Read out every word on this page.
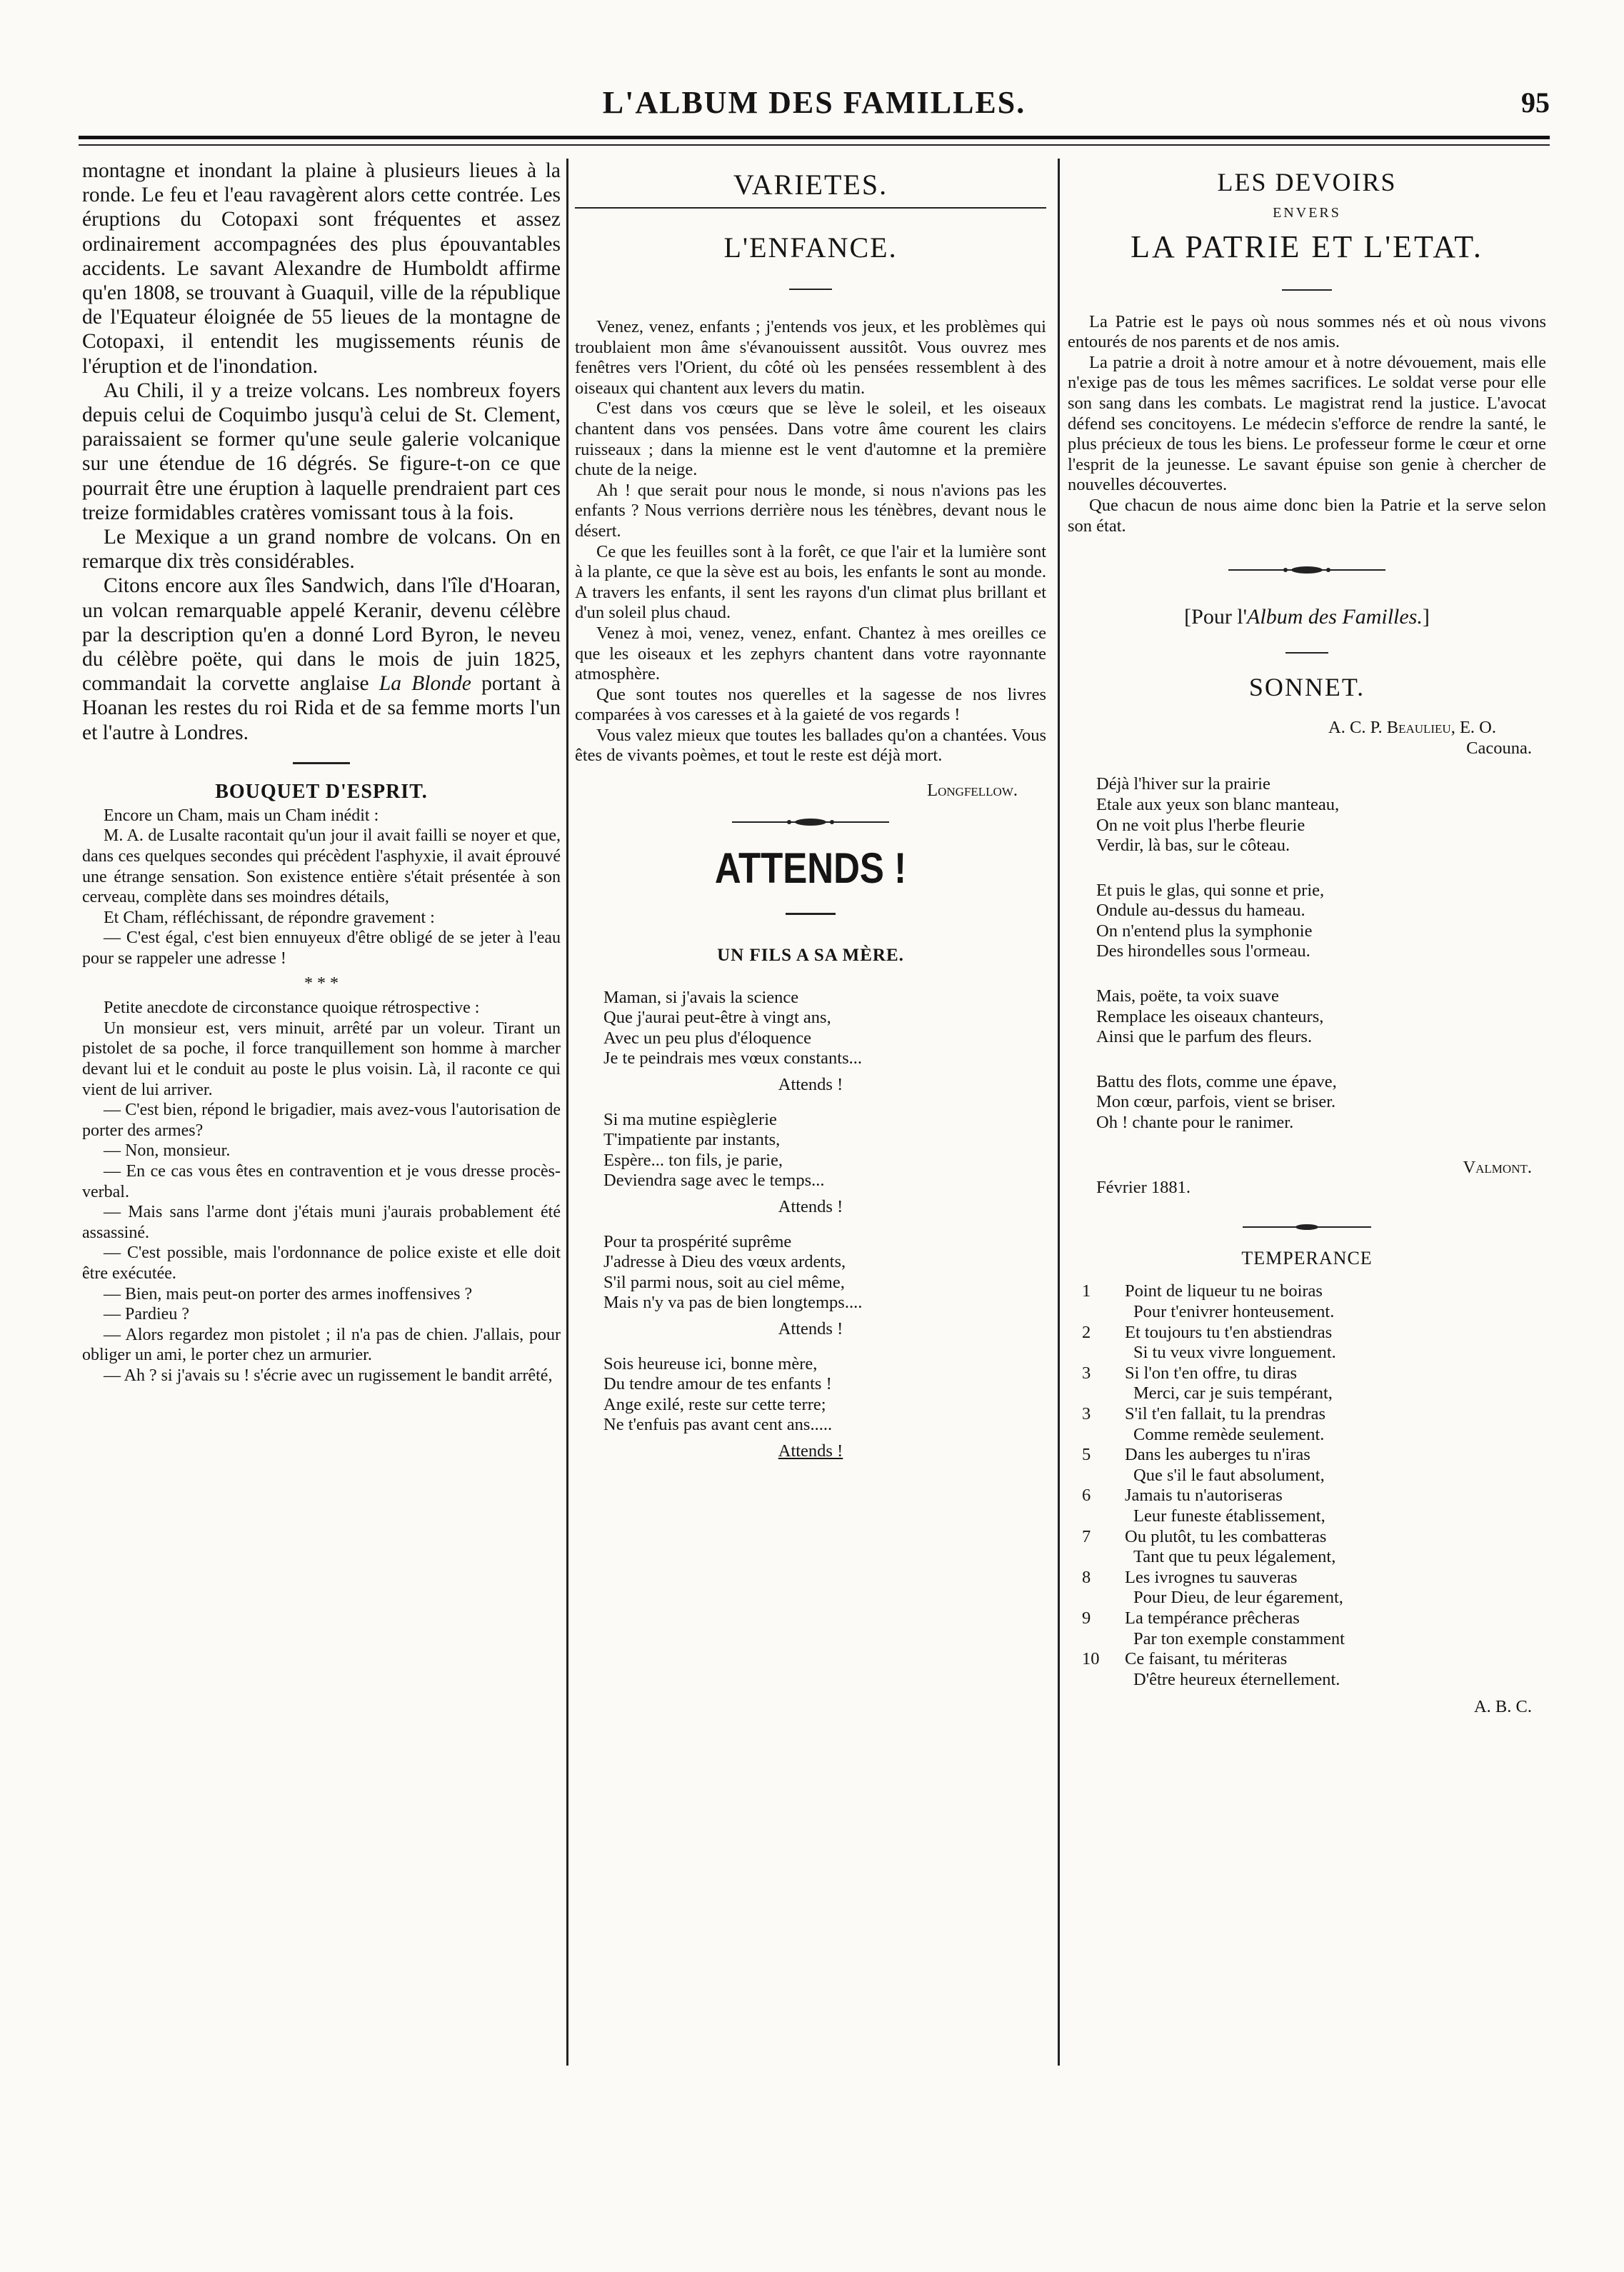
L'ALBUM DES FAMILLES.	95

montagne et inondant la plaine à plusieurs lieues à la ronde. Le feu et l'eau ravagèrent alors cette contrée. Les éruptions du Cotopaxi sont fréquentes et assez ordinairement accompagnées des plus épouvantables accidents. Le savant Alexandre de Humboldt affirme qu'en 1808, se trouvant à Guaquil, ville de la république de l'Equateur éloignée de 55 lieues de la montagne de Cotopaxi, il entendit les mugissements réunis de l'éruption et de l'inondation.

Au Chili, il y a treize volcans. Les nombreux foyers depuis celui de Coquimbo jusqu'à celui de St. Clement, paraissaient se former qu'une seule galerie volcanique sur une étendue de 16 dégrés. Se figure-t-on ce que pourrait être une éruption à laquelle prendraient part ces treize formidables cratères vomissant tous à la fois.

Le Mexique a un grand nombre de volcans. On en remarque dix très considérables.

Citons encore aux îles Sandwich, dans l'île d'Hoaran, un volcan remarquable appelé Keranir, devenu célèbre par la description qu'en a donné Lord Byron, le neveu du célèbre poëte, qui dans le mois de juin 1825, commandait la corvette anglaise La Blonde portant à Hoanan les restes du roi Rida et de sa femme morts l'un et l'autre à Londres.

BOUQUET D'ESPRIT.

Encore un Cham, mais un Cham inédit :

M. A. de Lusalte racontait qu'un jour il avait failli se noyer et que, dans ces quelques secondes qui précèdent l'asphyxie, il avait éprouvé une étrange sensation. Son existence entière s'était présentée à son cerveau, complète dans ses moindres détails,

Et Cham, réfléchissant, de répondre gravement :

— C'est égal, c'est bien ennuyeux d'être obligé de se jeter à l'eau pour se rappeler une adresse !

* * *

Petite anecdote de circonstance quoique rétrospective :

Un monsieur est, vers minuit, arrêté par un voleur. Tirant un pistolet de sa poche, il force tranquillement son homme à marcher devant lui et le conduit au poste le plus voisin. Là, il raconte ce qui vient de lui arriver.

— C'est bien, répond le brigadier, mais avez-vous l'autorisation de porter des armes?

— Non, monsieur.

— En ce cas vous êtes en contravention et je vous dresse procès-verbal.

— Mais sans l'arme dont j'étais muni j'aurais probablement été assassiné.

— C'est possible, mais l'ordonnance de police existe et elle doit être exécutée.

— Bien, mais peut-on porter des armes inoffensives ?

— Pardieu ?

— Alors regardez mon pistolet ; il n'a pas de chien. J'allais, pour obliger un ami, le porter chez un armurier.

— Ah ? si j'avais su ! s'écrie avec un rugissement le bandit arrêté,

VARIETES.
L'ENFANCE.

Venez, venez, enfants ; j'entends vos jeux, et les problèmes qui troublaient mon âme s'évanouissent aussitôt. Vous ouvrez mes fenêtres vers l'Orient, du côté où les pensées ressemblent à des oiseaux qui chantent aux levers du matin.

C'est dans vos cœurs que se lève le soleil, et les oiseaux chantent dans vos pensées. Dans votre âme courent les clairs ruisseaux ; dans la mienne est le vent d'automne et la première chute de la neige.

Ah ! que serait pour nous le monde, si nous n'avions pas les enfants ? Nous verrions derrière nous les ténèbres, devant nous le désert.

Ce que les feuilles sont à la forêt, ce que l'air et la lumière sont à la plante, ce que la sève est au bois, les enfants le sont au monde. A travers les enfants, il sent les rayons d'un climat plus brillant et d'un soleil plus chaud.

Venez à moi, venez, venez, enfant. Chantez à mes oreilles ce que les oiseaux et les zephyrs chantent dans votre rayonnante atmosphère.

Que sont toutes nos querelles et la sagesse de nos livres comparées à vos caresses et à la gaieté de vos regards !

Vous valez mieux que toutes les ballades qu'on a chantées. Vous êtes de vivants poèmes, et tout le reste est déjà mort.

Longfellow.

ATTENDS !
UN FILS A SA MÈRE.

Maman, si j'avais la science

Que j'aurai peut-être à vingt ans,

Avec un peu plus d'éloquence

Je te peindrais mes vœux constants...

Attends !

Si ma mutine espièglerie

T'impatiente par instants,

Espère... ton fils, je parie,

Deviendra sage avec le temps...

Attends !

Pour ta prospérité suprême

J'adresse à Dieu des vœux ardents,

S'il parmi nous, soit au ciel même,

Mais n'y va pas de bien longtemps....

Attends !

Sois heureuse ici, bonne mère,

Du tendre amour de tes enfants !

Ange exilé, reste sur cette terre;

Ne t'enfuis pas avant cent ans.....

Attends !
LES DEVOIRS
ENVERS
LA PATRIE ET L'ETAT.

La Patrie est le pays où nous sommes nés et où nous vivons entourés de nos parents et de nos amis.

La patrie a droit à notre amour et à notre dévouement, mais elle n'exige pas de tous les mêmes sacrifices. Le soldat verse pour elle son sang dans les combats. Le magistrat rend la justice. L'avocat défend ses concitoyens. Le médecin s'efforce de rendre la santé, le plus précieux de tous les biens. Le professeur forme le cœur et orne l'esprit de la jeunesse. Le savant épuise son genie à chercher de nouvelles découvertes.

Que chacun de nous aime donc bien la Patrie et la serve selon son état.

[Pour l'Album des Familles.]

SONNET.

A. C. P. Beaulieu, E. O.

Cacouna.

Déjà l'hiver sur la prairie

Etale aux yeux son blanc manteau,

On ne voit plus l'herbe fleurie

Verdir, là bas, sur le côteau.

Et puis le glas, qui sonne et prie,

Ondule au-dessus du hameau.

On n'entend plus la symphonie

Des hirondelles sous l'ormeau.

Mais, poëte, ta voix suave

Remplace les oiseaux chanteurs,

Ainsi que le parfum des fleurs.

Battu des flots, comme une épave,

Mon cœur, parfois, vient se briser.

Oh ! chante pour le ranimer.

Valmont.

Février 1881.

TEMPERANCE
1	Point de liqueur tu ne boiras
Pour t'enivrer honteusement.
2	Et toujours tu t'en abstiendras
Si tu veux vivre longuement.
3	Si l'on t'en offre, tu diras
Merci, car je suis tempérant,
3	S'il t'en fallait, tu la prendras
Comme remède seulement.
5	Dans les auberges tu n'iras
Que s'il le faut absolument,
6	Jamais tu n'autoriseras
Leur funeste établissement,
7	Ou plutôt, tu les combatteras
Tant que tu peux légalement,
8	Les ivrognes tu sauveras
Pour Dieu, de leur égarement,
9	La tempérance prêcheras
Par ton exemple constamment
10	Ce faisant, tu mériteras
D'être heureux éternellement.

A. B. C.
